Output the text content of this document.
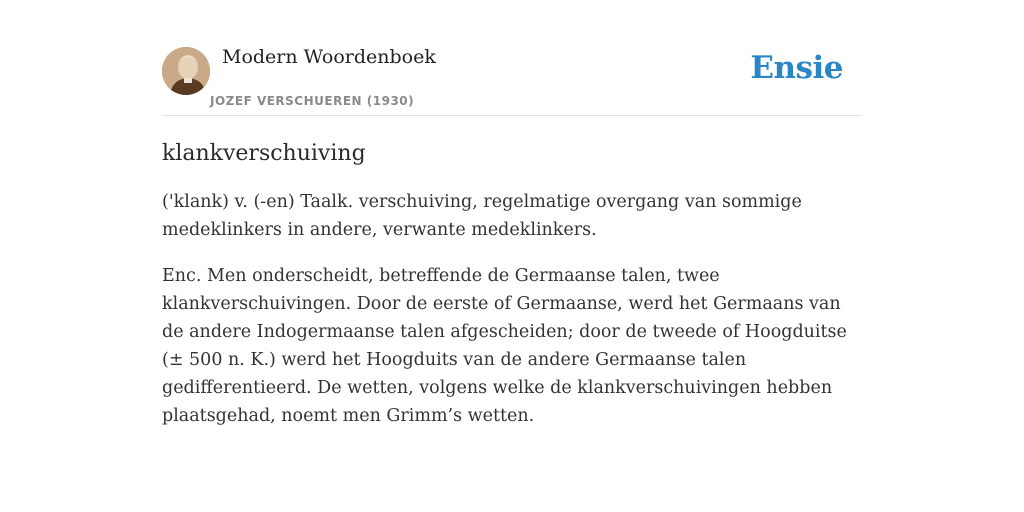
Modern Woordenboek
JOZEF VERSCHUEREN (1930)
Ensie
klankverschuiving

('klank) v. (-en) Taalk. verschuiving, regelmatige overgang van sommige medeklinkers in andere, verwante medeklinkers.

Enc. Men onderscheidt, betreffende de Germaanse talen, twee klankverschuivingen. Door de eerste of Germaanse, werd het Germaans van de andere Indogermaanse talen afgescheiden; door de tweede of Hoogduitse (± 500 n. K.) werd het Hoogduits van de andere Germaanse talen gedifferentieerd. De wetten, volgens welke de klankverschuivingen hebben plaatsgehad, noemt men Grimm’s wetten.
